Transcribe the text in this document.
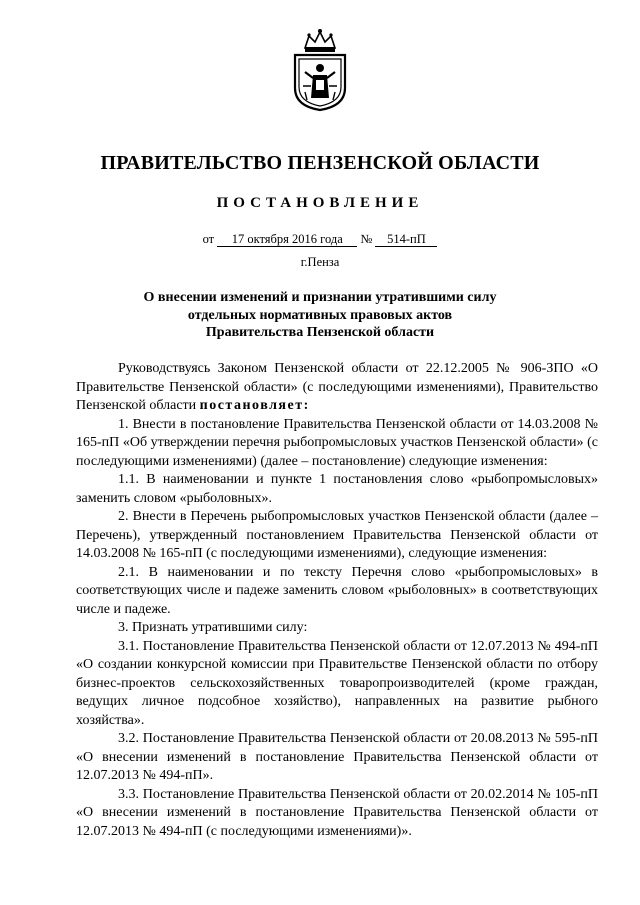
ПРАВИТЕЛЬСТВО ПЕНЗЕНСКОЙ ОБЛАСТИ
ПОСТАНОВЛЕНИЕ
от 17 октября 2016 года № 514-пП
г.Пенза
О внесении изменений и признании утратившими силу
отдельных нормативных правовых актов
Правительства Пензенской области

Руководствуясь Законом Пензенской области от 22.12.2005 № 906-ЗПО «О Правительстве Пензенской области» (с последующими изменениями), Правительство Пензенской области постановляет:

1. Внести в постановление Правительства Пензенской области от 14.03.2008 № 165-пП «Об утверждении перечня рыбопромысловых участков Пензенской области» (с последующими изменениями) (далее – постановление) следующие изменения:

1.1. В наименовании и пункте 1 постановления слово «рыбопромысловых» заменить словом «рыболовных».

2. Внести в Перечень рыбопромысловых участков Пензенской области (далее – Перечень), утвержденный постановлением Правительства Пензенской области от 14.03.2008 № 165-пП (с последующими изменениями), следующие изменения:

2.1. В наименовании и по тексту Перечня слово «рыбопромысловых» в соответствующих числе и падеже заменить словом «рыболовных» в соответствующих числе и падеже.

3. Признать утратившими силу:

3.1. Постановление Правительства Пензенской области от 12.07.2013 № 494-пП «О создании конкурсной комиссии при Правительстве Пензенской области по отбору бизнес-проектов сельскохозяйственных товаропроизводителей (кроме граждан, ведущих личное подсобное хозяйство), направленных на развитие рыбного хозяйства».

3.2. Постановление Правительства Пензенской области от 20.08.2013 № 595-пП «О внесении изменений в постановление Правительства Пензенской области от 12.07.2013 № 494-пП».

3.3. Постановление Правительства Пензенской области от 20.02.2014 № 105-пП «О внесении изменений в постановление Правительства Пензенской области от 12.07.2013 № 494-пП (с последующими изменениями)».
